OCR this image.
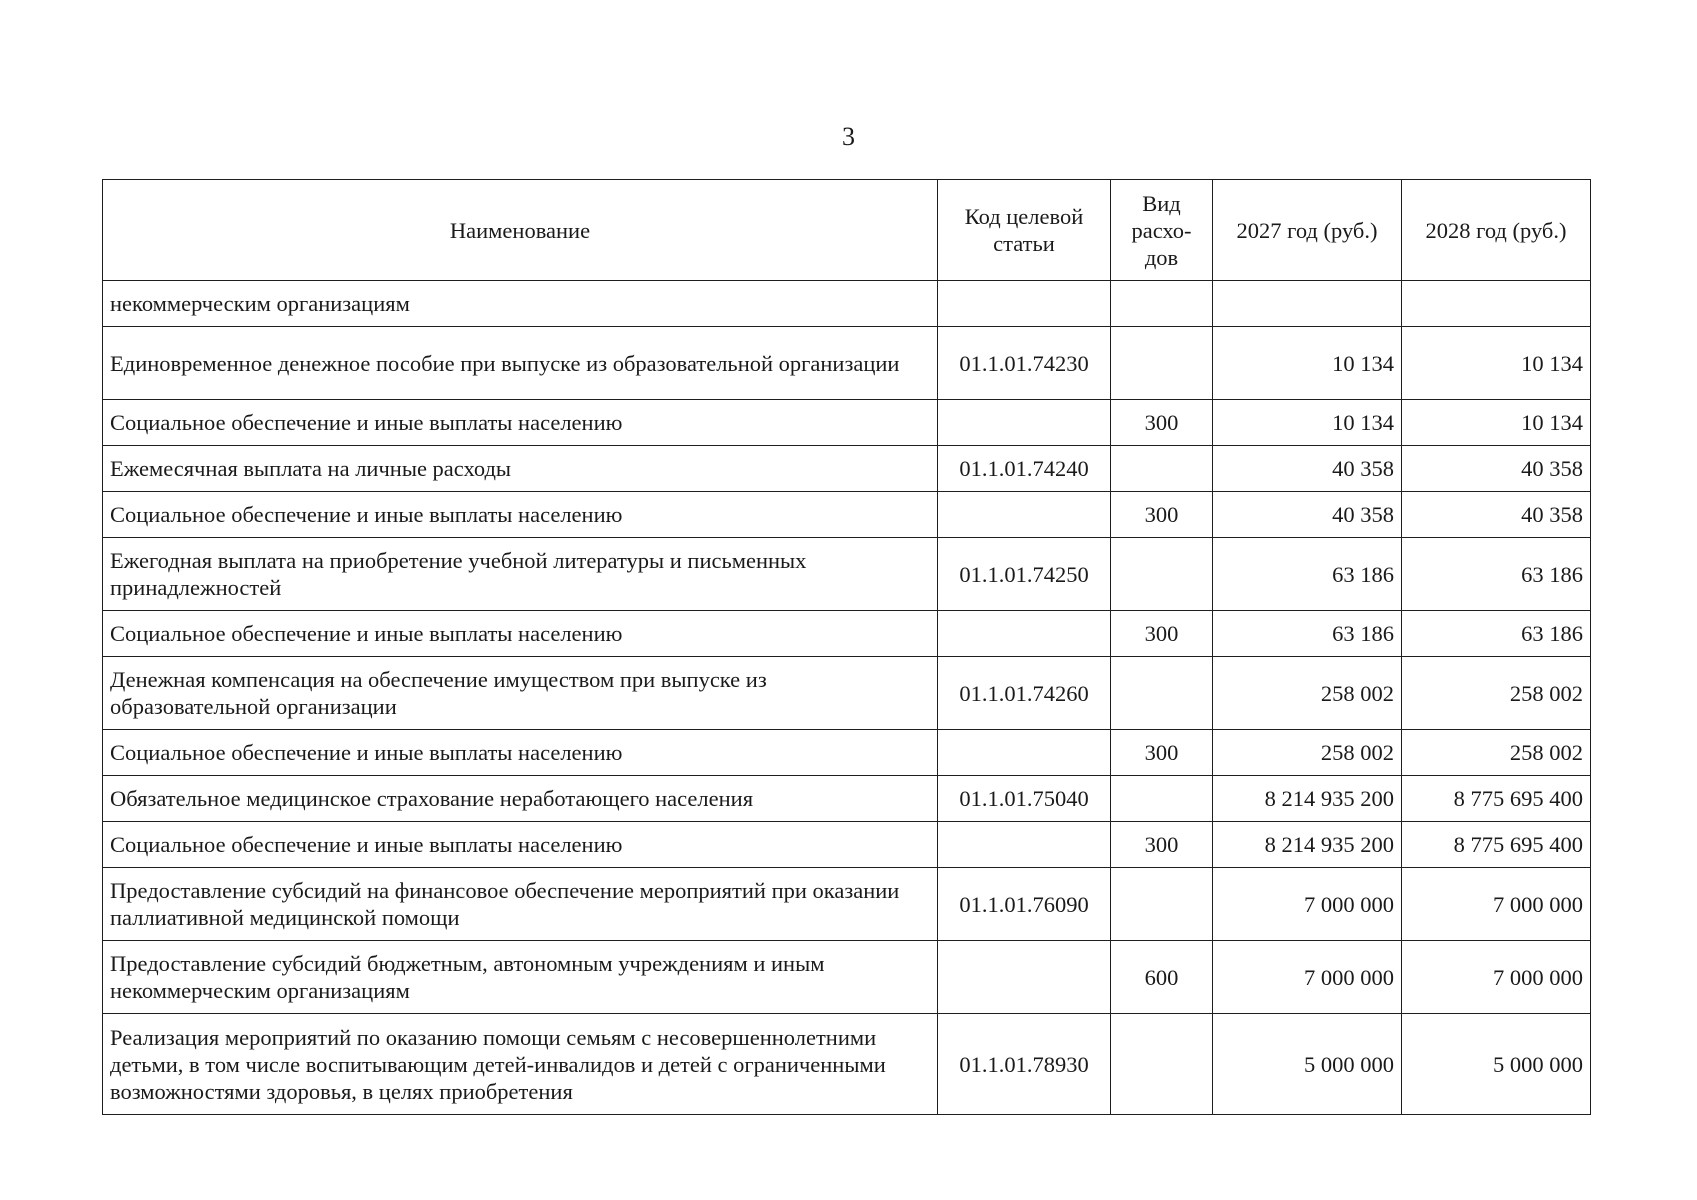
3
Наименование	Код целевой статьи	Вид расхо-дов	2027 год (руб.)	2028 год (руб.)
некоммерческим организациям				
Единовременное денежное пособие при выпуске из образовательной организации	01.1.01.74230		10 134	10 134
Социальное обеспечение и иные выплаты населению		300	10 134	10 134
Ежемесячная выплата на личные расходы	01.1.01.74240		40 358	40 358
Социальное обеспечение и иные выплаты населению		300	40 358	40 358
Ежегодная выплата на приобретение учебной литературы и письменных принадлежностей	01.1.01.74250		63 186	63 186
Социальное обеспечение и иные выплаты населению		300	63 186	63 186
Денежная компенсация на обеспечение имуществом при выпуске из образовательной организации	01.1.01.74260		258 002	258 002
Социальное обеспечение и иные выплаты населению		300	258 002	258 002
Обязательное медицинское страхование неработающего населения	01.1.01.75040		8 214 935 200	8 775 695 400
Социальное обеспечение и иные выплаты населению		300	8 214 935 200	8 775 695 400
Предоставление субсидий на финансовое обеспечение мероприятий при оказании паллиативной медицинской помощи	01.1.01.76090		7 000 000	7 000 000
Предоставление субсидий бюджетным, автономным учреждениям и иным некоммерческим организациям		600	7 000 000	7 000 000
Реализация мероприятий по оказанию помощи семьям с несовершеннолетними детьми, в том числе воспитывающим детей-инвалидов и детей с ограниченными возможностями здоровья, в целях приобретения	01.1.01.78930		5 000 000	5 000 000
